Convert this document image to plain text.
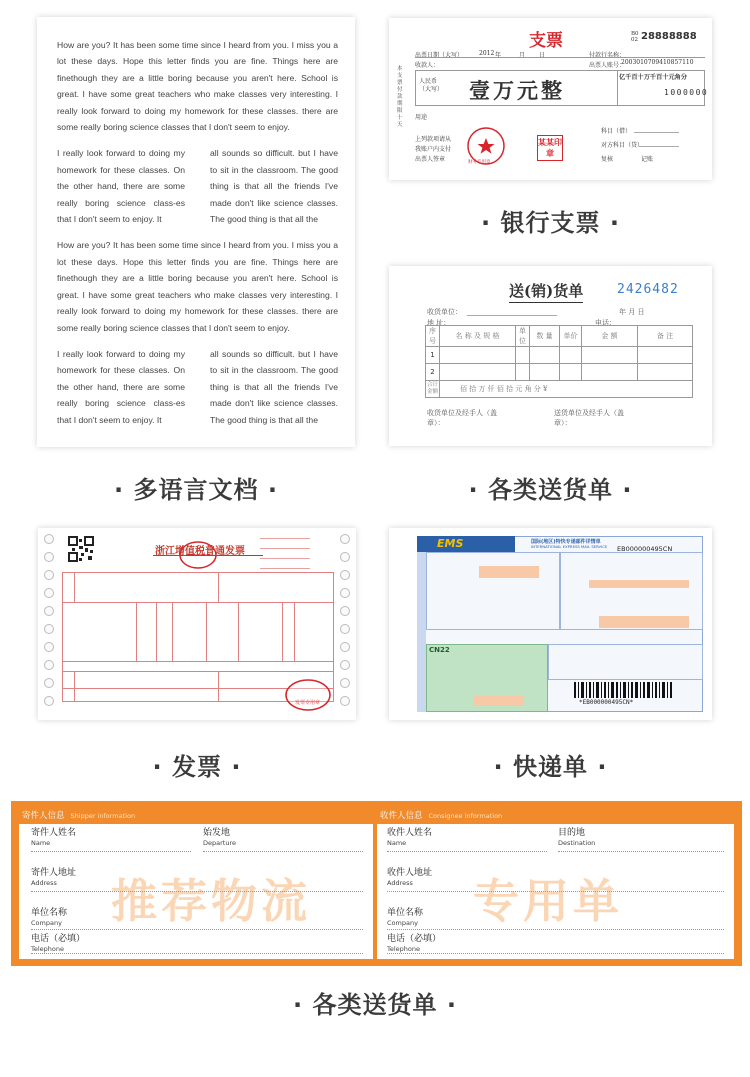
How are you? It has been some time since I heard from you. I miss you a lot these days. Hope this letter finds you are fine. Things here are finethough they are a little boring because you aren't here. School is great. I have some great teachers who make classes very interesting. I really look forward to doing my homework for these classes. there are some really boring science classes that I don't seem to enjoy.
I really look forward to doing my homework for these classes. On the other hand, there are some really boring science class-es that I don't seem to enjoy. It
all sounds so difficult. but I have to sit in the classroom. The good thing is that all the friends I've made don't like science classes. The good thing is that all the
How are you? It has been some time since I heard from you. I miss you a lot these days. Hope this letter finds you are fine. Things here are finethough they are a little boring because you aren't here. School is great. I have some great teachers who make classes very interesting. I really look forward to doing my homework for these classes. there are some really boring science classes that I don't seem to enjoy.
I really look forward to doing my homework for these classes. On the other hand, there are some really boring science class-es that I don't seem to enjoy. It
all sounds so difficult. but I have to sit in the classroom. The good thing is that all the friends I've made don't like science classes. The good thing is that all the
· 多语言文档 ·
支票	B0 02 28888888
出票日期（大写）	2012 年	月 日	付款行名称：
收款人：	出票人账号：
2003010709410857110
本支票付款期限十天
人民币（大写） 壹万元整
亿千百十万千百十元角分
1000000
用途
上列款项请从
我账户内支付
出票人签章	财务专用章
某某印章
科目（借）
对方科目（贷）
复核	记账
· 银行支票 ·
送(销)货单	2426482
收货单位：	年 月 日
地 址：	电话：
序号	名 称 及 规 格	单位	数 量	单价	金 额	备 注
1						
2						
合计金额	佰 拾 万 仟 佰 拾 元 角 分 ¥					
收货单位及经手人（盖章）：
送货单位及经手人（盖章）：
· 各类送货单 ·
浙江增值税普通发票
发票专用章
· 发票 ·
EMS	国际(地区)特快专递邮件详情单
INTERNATIONAL EXPRESS MAIL SERVICE EB000000495CN
CN22
*EB000000495CN*
· 快递单 ·
寄件人信息 Shipper information
推荐物流
寄件人姓名
Name
始发地
Departure
寄件人地址
Address
单位名称
Company
电话（必填）
Telephone
收件人信息 Consignee information
专用单
收件人姓名
Name
目的地
Destination
收件人地址
Address
单位名称
Company
电话（必填）
Telephone
· 各类送货单 ·
